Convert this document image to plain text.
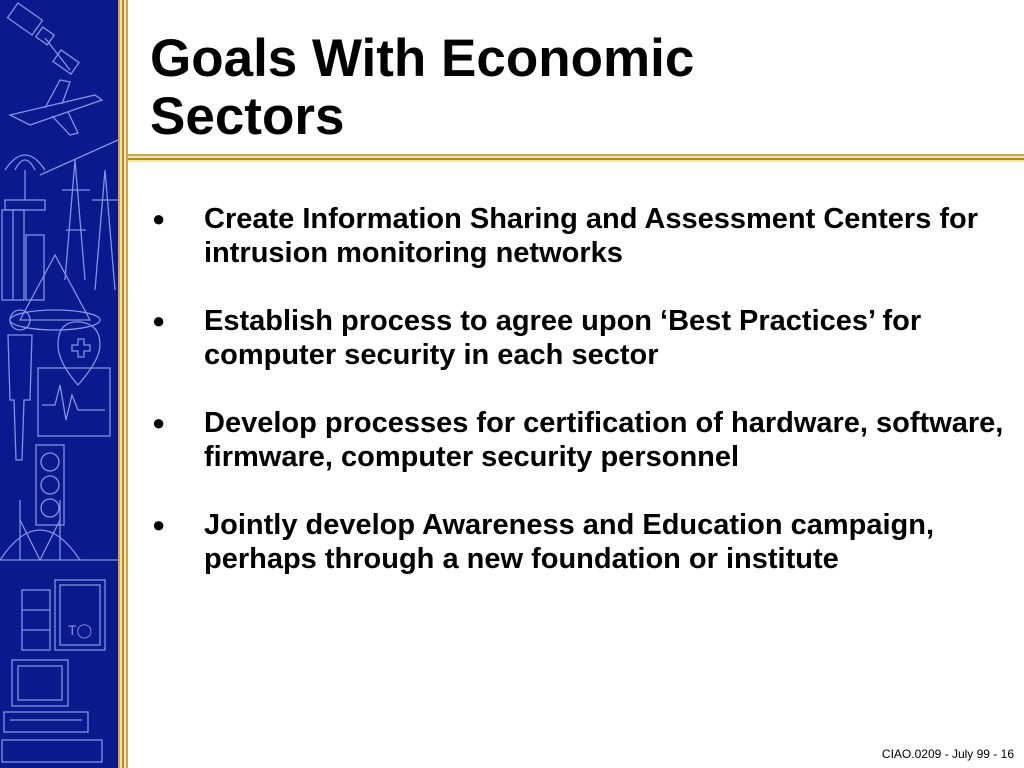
T◯
Goals With Economic Sectors
● Create Information Sharing and Assessment Centers for intrusion monitoring networks
● Establish process to agree upon ‘Best Practices’ for computer security in each sector
● Develop processes for certification of hardware, software, firmware, computer security personnel
● Jointly develop Awareness and Education campaign, perhaps through a new foundation or institute
CIAO.0209 - July 99 - 16
